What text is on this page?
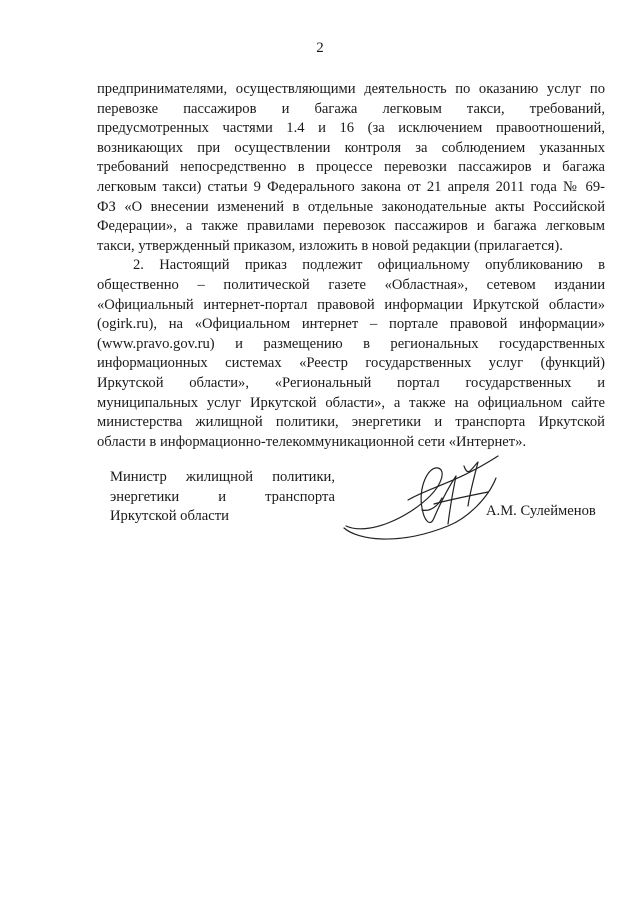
2
предпринимателями, осуществляющими деятельность по оказанию услуг по
перевозке пассажиров и багажа легковым такси, требований,
предусмотренных частями 1.4 и 16 (за исключением правоотношений,
возникающих при осуществлении контроля за соблюдением указанных
требований непосредственно в процессе перевозки пассажиров и багажа
легковым такси) статьи 9 Федерального закона от 21 апреля 2011 года № 69-
ФЗ «О внесении изменений в отдельные законодательные акты Российской
Федерации», а также правилами перевозок пассажиров и багажа легковым
такси, утвержденный приказом, изложить в новой редакции (прилагается).
2. Настоящий приказ подлежит официальному опубликованию в
общественно – политической газете «Областная», сетевом издании
«Официальный интернет-портал правовой информации Иркутской области»
(ogirk.ru), на «Официальном интернет – портале правовой информации»
(www.pravo.gov.ru) и размещению в региональных государственных
информационных системах «Реестр государственных услуг (функций)
Иркутской области», «Региональный портал государственных и
муниципальных услуг Иркутской области», а также на официальном сайте
министерства жилищной политики, энергетики и транспорта Иркутской
области в информационно-телекоммуникационной сети «Интернет».
Министр жилищной политики,
энергетики и транспорта
Иркутской области	А.М. Сулейменов
